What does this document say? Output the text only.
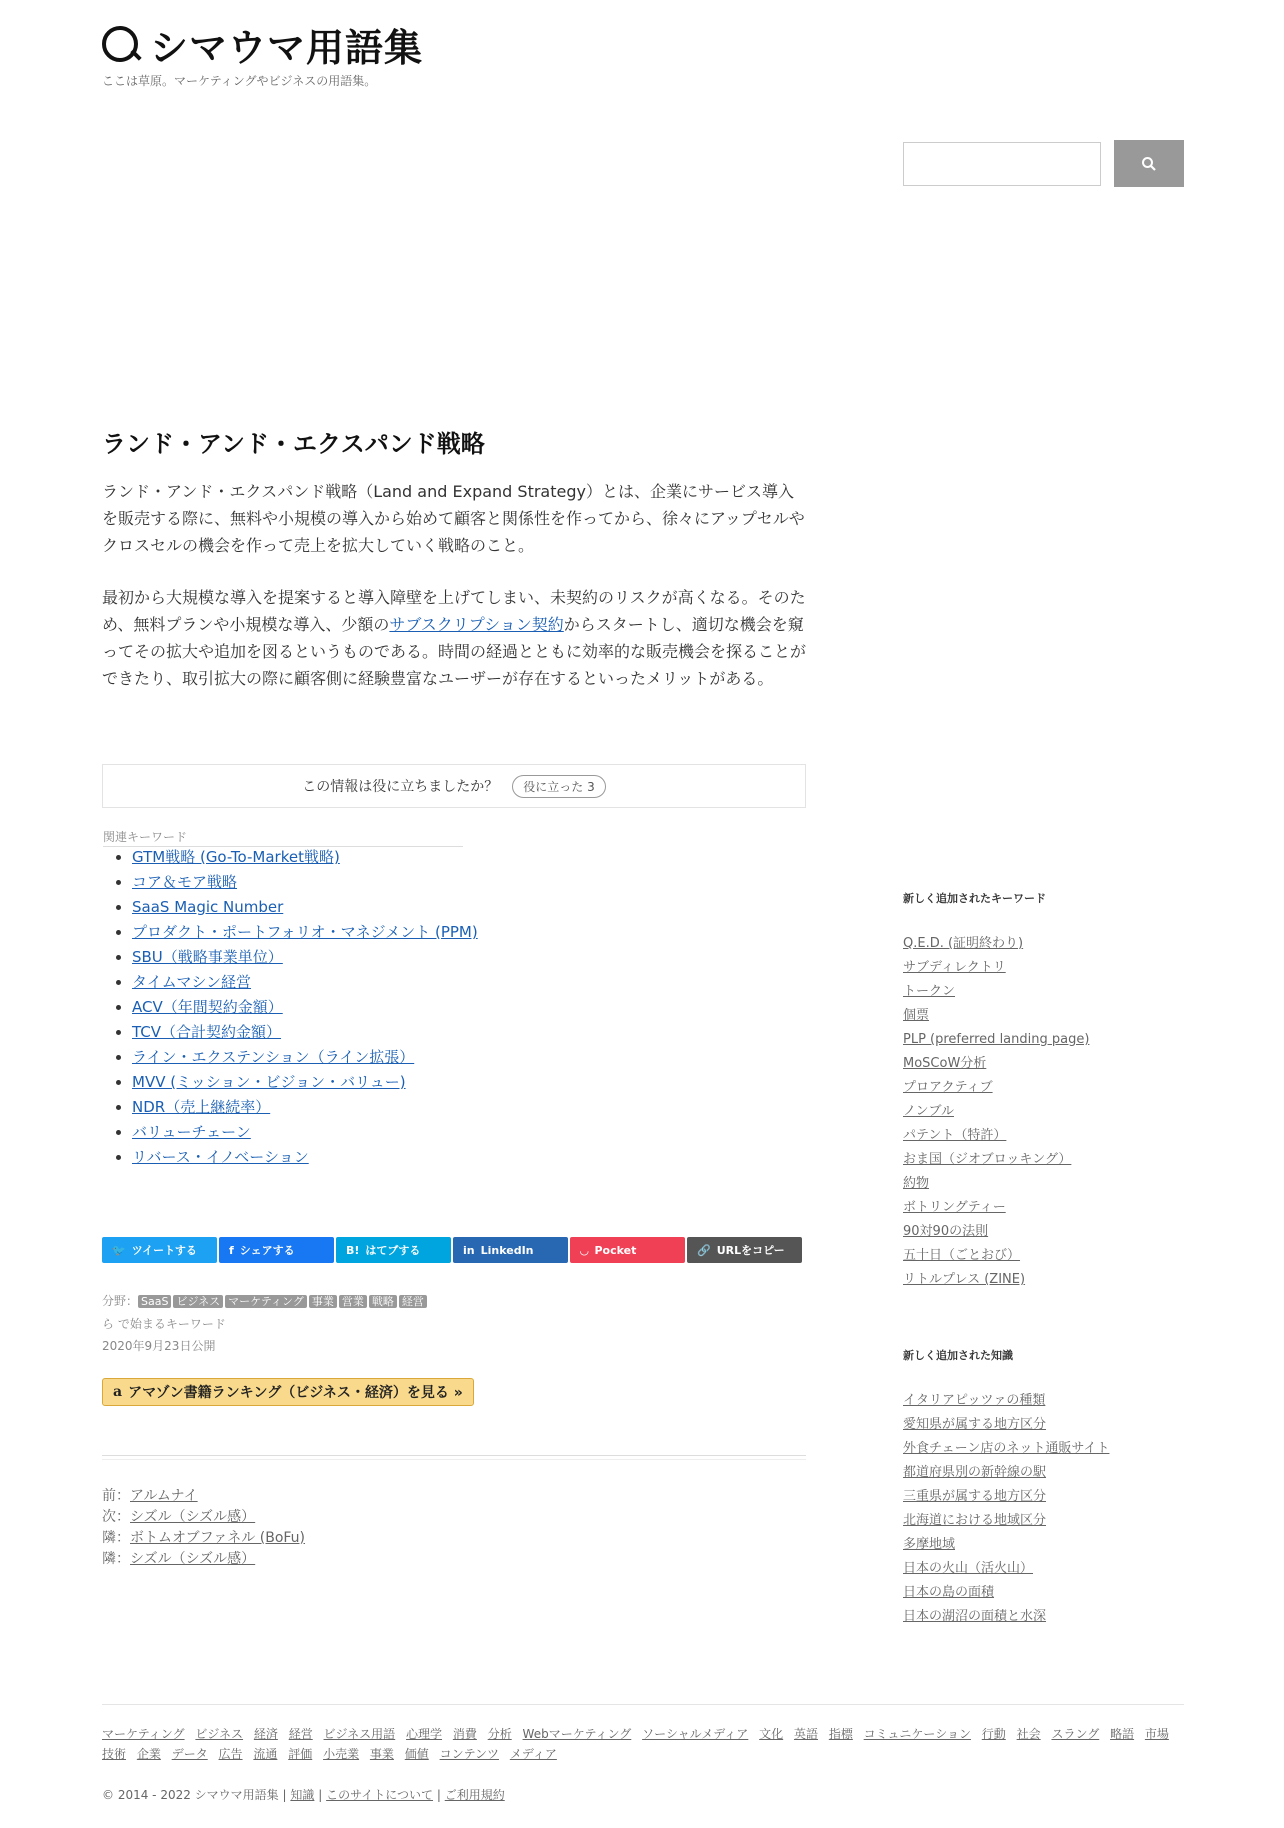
シマウマ用語集
ここは草原。マーケティングやビジネスの用語集。
ランド・アンド・エクスパンド戦略

ランド・アンド・エクスパンド戦略（Land and Expand Strategy）とは、企業にサービス導入を販売する際に、無料や小規模の導入から始めて顧客と関係性を作ってから、徐々にアップセルやクロスセルの機会を作って売上を拡大していく戦略のこと。

最初から大規模な導入を提案すると導入障壁を上げてしまい、未契約のリスクが高くなる。そのため、無料プランや小規模な導入、少額のサブスクリプション契約からスタートし、適切な機会を窺ってその拡大や追加を図るというものである。時間の経過とともに効率的な販売機会を探ることができたり、取引拡大の際に顧客側に経験豊富なユーザーが存在するといったメリットがある。

この情報は役に立ちましたか？	役に立った 3
関連キーワード
• GTM戦略 (Go-To-Market戦略)
• コア＆モア戦略
• SaaS Magic Number
• プロダクト・ポートフォリオ・マネジメント (PPM)
• SBU（戦略事業単位）
• タイムマシン経営
• ACV（年間契約金額）
• TCV（合計契約金額）
• ライン・エクステンション（ライン拡張）
• MVV (ミッション・ビジョン・バリュー)
• NDR（売上継続率）
• バリューチェーン
• リバース・イノベーション
🐦 ツイートする	f シェアする	B! はてブする	in LinkedIn	◡ Pocket	🔗 URLをコピー
分野： SaaS ビジネス マーケティング 事業 営業 戦略 経営
ら で始まるキーワード
2020年9月23日公開
a アマゾン書籍ランキング（ビジネス・経済）を見る »
前：アルムナイ
次：シズル（シズル感）
隣：ボトムオブファネル (BoFu)
隣：シズル（シズル感）
新しく追加されたキーワード
Q.E.D. (証明終わり)
サブディレクトリ
トークン
個票
PLP (preferred landing page)
MoSCoW分析
プロアクティブ
ノンブル
パテント（特許）
おま国（ジオブロッキング）
約物
ボトリングティー
90対90の法則
五十日（ごとおび）
リトルプレス (ZINE)
新しく追加された知識
イタリアピッツァの種類
愛知県が属する地方区分
外食チェーン店のネット通販サイト
都道府県別の新幹線の駅
三重県が属する地方区分
北海道における地域区分
多摩地域
日本の火山（活火山）
日本の島の面積
日本の湖沼の面積と水深
マーケティング ビジネス 経済 経営 ビジネス用語 心理学 消費 分析 Webマーケティング ソーシャルメディア 文化 英語 指標 コミュニケーション 行動 社会 スラング 略語 市場
技術 企業 データ 広告 流通 評価 小売業 事業 価値 コンテンツ メディア
© 2014 - 2022 シマウマ用語集 | 知識 | このサイトについて | ご利用規約
